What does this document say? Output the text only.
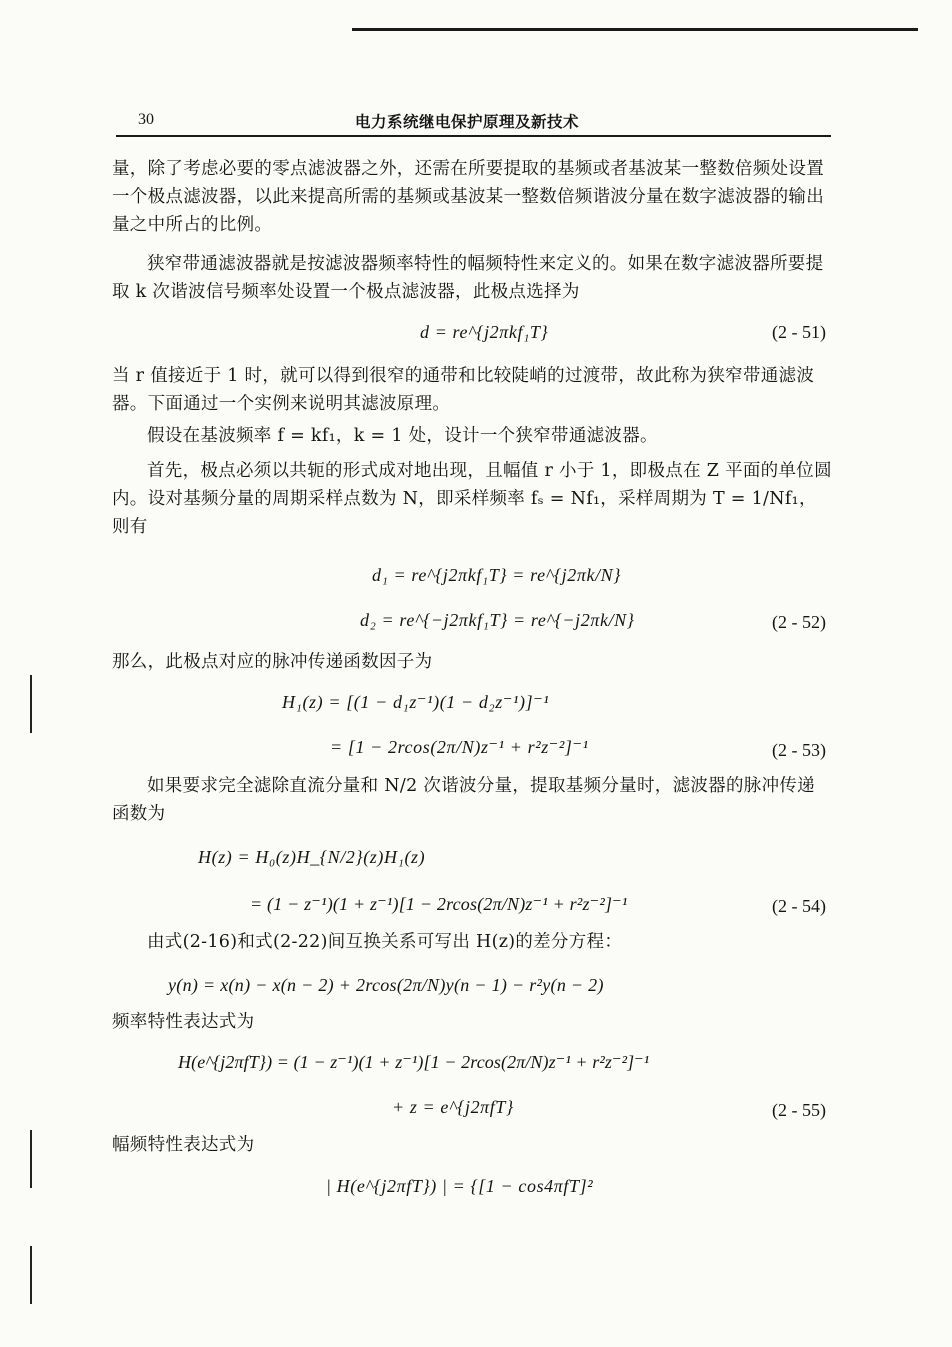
30	电力系统继电保护原理及新技术
量，除了考虑必要的零点滤波器之外，还需在所要提取的基频或者基波某一整数倍频处设置一个极点滤波器，以此来提高所需的基频或基波某一整数倍频谐波分量在数字滤波器的输出量之中所占的比例。
狭窄带通滤波器就是按滤波器频率特性的幅频特性来定义的。如果在数字滤波器所要提取 k 次谐波信号频率处设置一个极点滤波器，此极点选择为
d = re^{j2πkf₁T}	(2 - 51)
当 r 值接近于 1 时，就可以得到很窄的通带和比较陡峭的过渡带，故此称为狭窄带通滤波器。下面通过一个实例来说明其滤波原理。
假设在基波频率 f = kf₁，k = 1 处，设计一个狭窄带通滤波器。
首先，极点必须以共轭的形式成对地出现，且幅值 r 小于 1，即极点在 Z 平面的单位圆内。设对基频分量的周期采样点数为 N，即采样频率 fₛ = Nf₁，采样周期为 T = 1/Nf₁，则有
d₁ = re^{j2πkf₁T} = re^{j2πk/N}
d₂ = re^{−j2πkf₁T} = re^{−j2πk/N}	(2 - 52)
那么，此极点对应的脉冲传递函数因子为
H₁(z) = [(1 − d₁z⁻¹)(1 − d₂z⁻¹)]⁻¹
= [1 − 2rcos(2π/N)z⁻¹ + r²z⁻²]⁻¹	(2 - 53)
如果要求完全滤除直流分量和 N/2 次谐波分量，提取基频分量时，滤波器的脉冲传递函数为
H(z) = H₀(z)H_{N/2}(z)H₁(z)
= (1 − z⁻¹)(1 + z⁻¹)[1 − 2rcos(2π/N)z⁻¹ + r²z⁻²]⁻¹	(2 - 54)
由式(2-16)和式(2-22)间互换关系可写出 H(z)的差分方程：
y(n) = x(n) − x(n − 2) + 2rcos(2π/N)y(n − 1) − r²y(n − 2)
频率特性表达式为
H(e^{j2πfT}) = (1 − z⁻¹)(1 + z⁻¹)[1 − 2rcos(2π/N)z⁻¹ + r²z⁻²]⁻¹
+ z = e^{j2πfT}	(2 - 55)
幅频特性表达式为
| H(e^{j2πfT}) | = {[1 − cos4πfT]²
